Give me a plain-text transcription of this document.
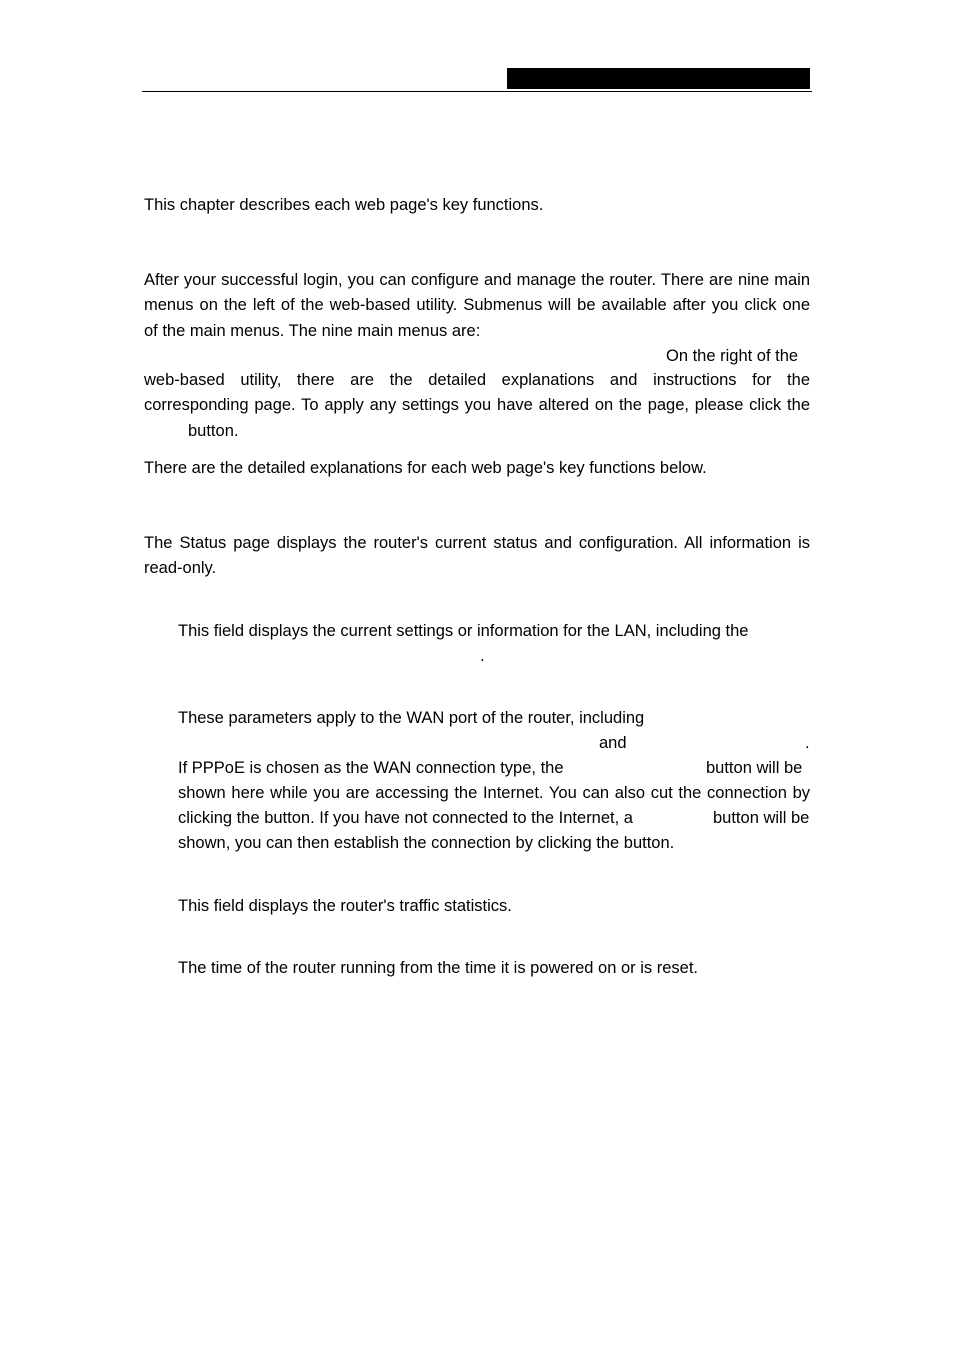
This chapter describes each web page's key functions.
After your successful login, you can configure and manage the router. There are nine main
menus on the left of the web-based utility. Submenus will be available after you click one
of the main menus. The nine main menus are:
On the right of the
web-based utility, there are the detailed explanations and instructions for the
corresponding page. To apply any settings you have altered on the page, please click the
button.
There are the detailed explanations for each web page's key functions below.
The Status page displays the router's current status and configuration. All information is
read-only.
This field displays the current settings or information for the LAN, including the
.
These parameters apply to the WAN port of the router, including
and	.
If PPPoE is chosen as the WAN connection type, the	button will be
shown here while you are accessing the Internet. You can also cut the connection by
clicking the button. If you have not connected to the Internet, a	button will be
shown, you can then establish the connection by clicking the button.
This field displays the router's traffic statistics.
The time of the router running from the time it is powered on or is reset.
